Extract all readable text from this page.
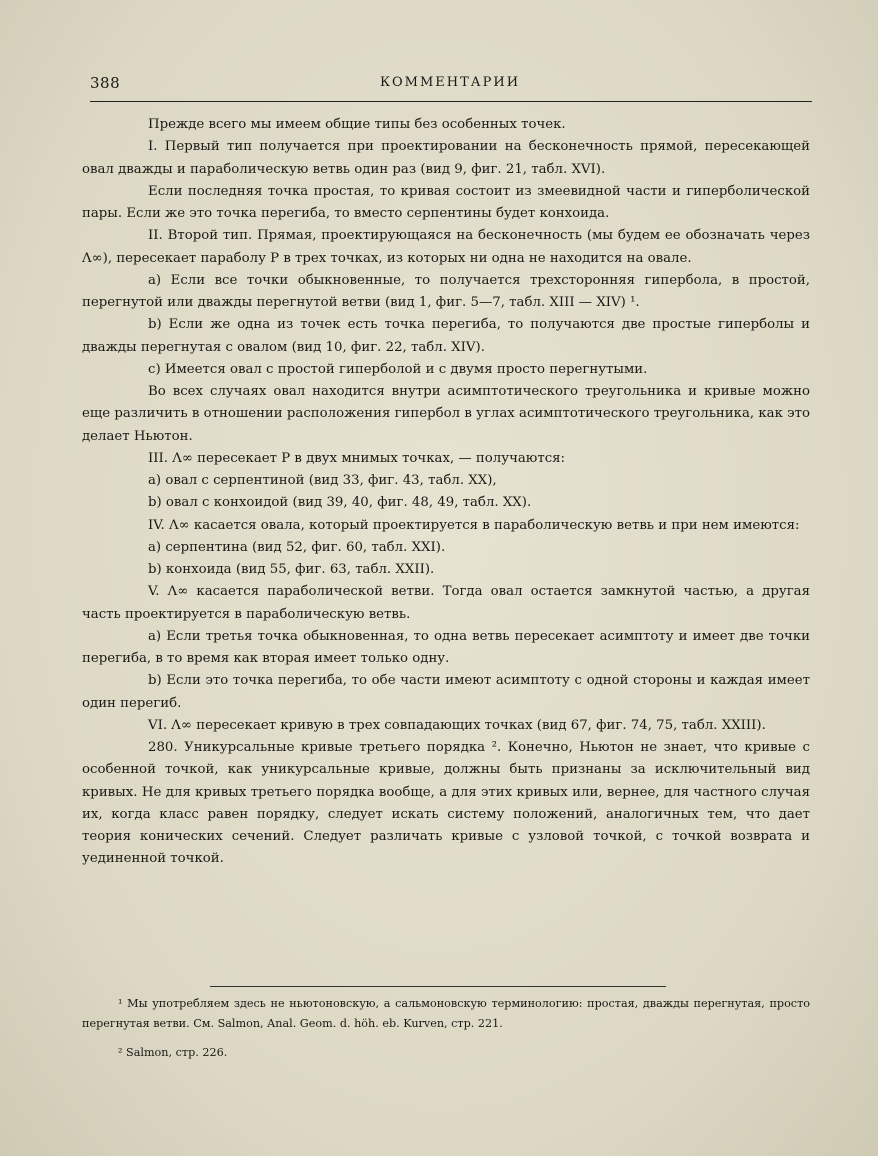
388	КОММЕНТАРИИ

Прежде всего мы имеем общие типы без особенных точек.

I. Первый тип получается при проектировании на бесконечность прямой, пересекающей овал дважды и параболическую ветвь один раз (вид 9, фиг. 21, табл. XVI).

Если последняя точка простая, то кривая состоит из змеевидной части и гиперболической пары. Если же это точка перегиба, то вместо серпентины будет конхоида.

II. Второй тип. Прямая, проектирующаяся на бесконечность (мы будем ее обозначать через Λ∞), пересекает параболу P в трех точках, из которых ни одна не находится на овале.

a) Если все точки обыкновенные, то получается трехсторонняя гипербола, в простой, перегнутой или дважды перегнутой ветви (вид 1, фиг. 5—7, табл. XIII — XIV) ¹.

b) Если же одна из точек есть точка перегиба, то получаются две простые гиперболы и дважды перегнутая с овалом (вид 10, фиг. 22, табл. XIV).

c) Имеется овал с простой гиперболой и с двумя просто перегнутыми.

Во всех случаях овал находится внутри асимптотического треугольника и кривые можно еще различить в отношении расположения гипербол в углах асимптотического треугольника, как это делает Ньютон.

III. Λ∞ пересекает P в двух мнимых точках, — получаются:

a) овал с серпентиной (вид 33, фиг. 43, табл. XX),

b) овал с конхоидой (вид 39, 40, фиг. 48, 49, табл. XX).

IV. Λ∞ касается овала, который проектируется в параболическую ветвь и при нем имеются:

a) серпентина (вид 52, фиг. 60, табл. XXI).

b) конхоида (вид 55, фиг. 63, табл. XXII).

V. Λ∞ касается параболической ветви. Тогда овал остается замкнутой частью, а другая часть проектируется в параболическую ветвь.

a) Если третья точка обыкновенная, то одна ветвь пересекает асимптоту и имеет две точки перегиба, в то время как вторая имеет только одну.

b) Если это точка перегиба, то обе части имеют асимптоту с одной стороны и каждая имеет один перегиб.

VI. Λ∞ пересекает кривую в трех совпадающих точках (вид 67, фиг. 74, 75, табл. XXIII).

280. Уникурсальные кривые третьего порядка ². Конечно, Ньютон не знает, что кривые с особенной точкой, как уникурсальные кривые, должны быть признаны за исключительный вид кривых. Не для кривых третьего порядка вообще, а для этих кривых или, вернее, для частного случая их, когда класс равен порядку, следует искать систему положений, аналогичных тем, что дает теория конических сечений. Следует различать кривые с узловой точкой, с точкой возврата и уединенной точкой.

¹ Мы употребляем здесь не ньютоновскую, а сальмоновскую терминологию: простая, дважды перегнутая, просто перегнутая ветви. См. Salmon, Anal. Geom. d. höh. eb. Kurven, стр. 221.

² Salmon, стр. 226.
